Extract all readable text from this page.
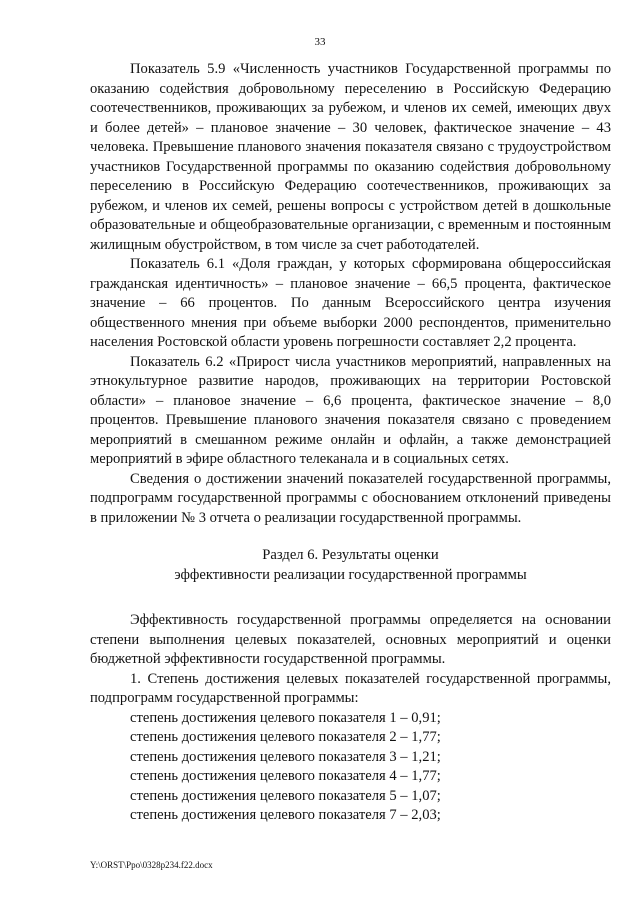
33

Показатель 5.9 «Численность участников Государственной программы по оказанию содействия добровольному переселению в Российскую Федерацию соотечественников, проживающих за рубежом, и членов их семей, имеющих двух и более детей» – плановое значение – 30 человек, фактическое значение – 43 человека. Превышение планового значения показателя связано с трудоустройством участников Государственной программы по оказанию содействия добровольному переселению в Российскую Федерацию соотечественников, проживающих за рубежом, и членов их семей, решены вопросы с устройством детей в дошкольные образовательные и общеобразовательные организации, с временным и постоянным жилищным обустройством, в том числе за счет работодателей.

Показатель 6.1 «Доля граждан, у которых сформирована общероссийская гражданская идентичность» – плановое значение – 66,5 процента, фактическое значение – 66 процентов. По данным Всероссийского центра изучения общественного мнения при объеме выборки 2000 респондентов, применительно населения Ростовской области уровень погрешности составляет 2,2 процента.

Показатель 6.2 «Прирост числа участников мероприятий, направленных на этнокультурное развитие народов, проживающих на территории Ростовской области» – плановое значение – 6,6 процента, фактическое значение – 8,0 процентов. Превышение планового значения показателя связано с проведением мероприятий в смешанном режиме онлайн и офлайн, а также демонстрацией мероприятий в эфире областного телеканала и в социальных сетях.

Сведения о достижении значений показателей государственной программы, подпрограмм государственной программы с обоснованием отклонений приведены в приложении № 3 отчета о реализации государственной программы.

Раздел 6. Результаты оценки
эффективности реализации государственной программы

Эффективность государственной программы определяется на основании степени выполнения целевых показателей, основных мероприятий и оценки бюджетной эффективности государственной программы.

1. Степень достижения целевых показателей государственной программы, подпрограмм государственной программы:

степень достижения целевого показателя 1 – 0,91;
степень достижения целевого показателя 2 – 1,77;
степень достижения целевого показателя 3 – 1,21;
степень достижения целевого показателя 4 – 1,77;
степень достижения целевого показателя 5 – 1,07;
степень достижения целевого показателя 7 – 2,03;
Y:\ORST\Ppo\0328p234.f22.docx
